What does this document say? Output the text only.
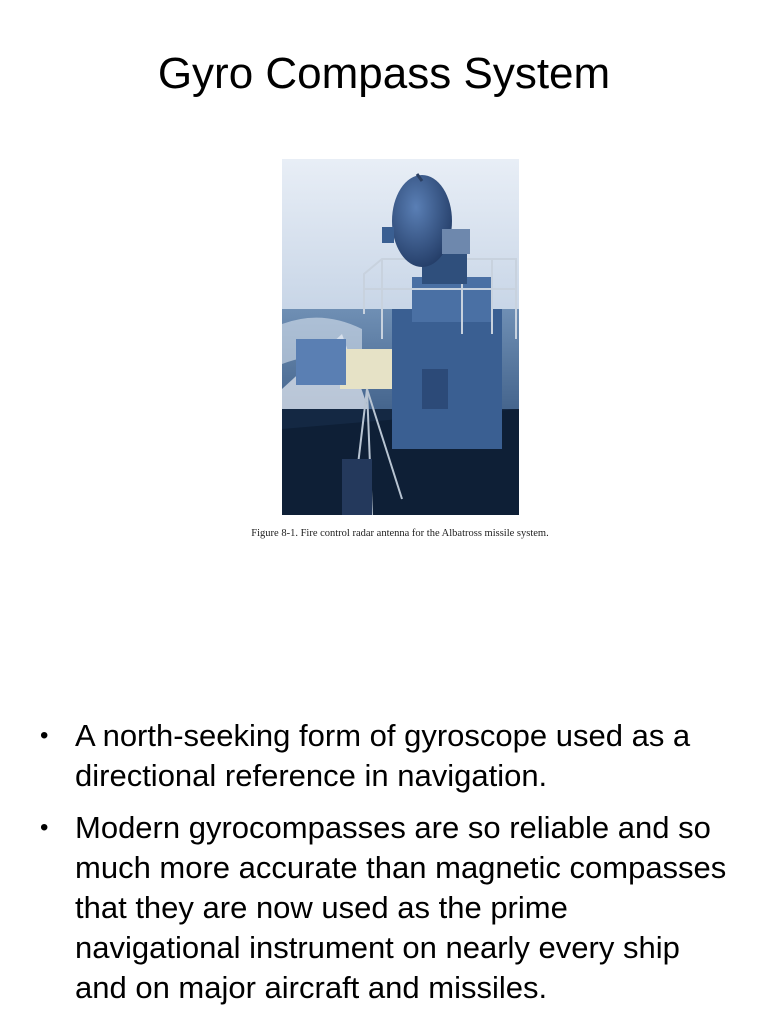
Gyro Compass System
Figure 8-1. Fire control radar antenna for the Albatross missile system.
• A north-seeking form of gyroscope used as a directional reference in navigation.
• Modern gyrocompasses are so reliable and so much more accurate than magnetic compasses that they are now used as the prime navigational instrument on nearly every ship and on major aircraft and missiles.
